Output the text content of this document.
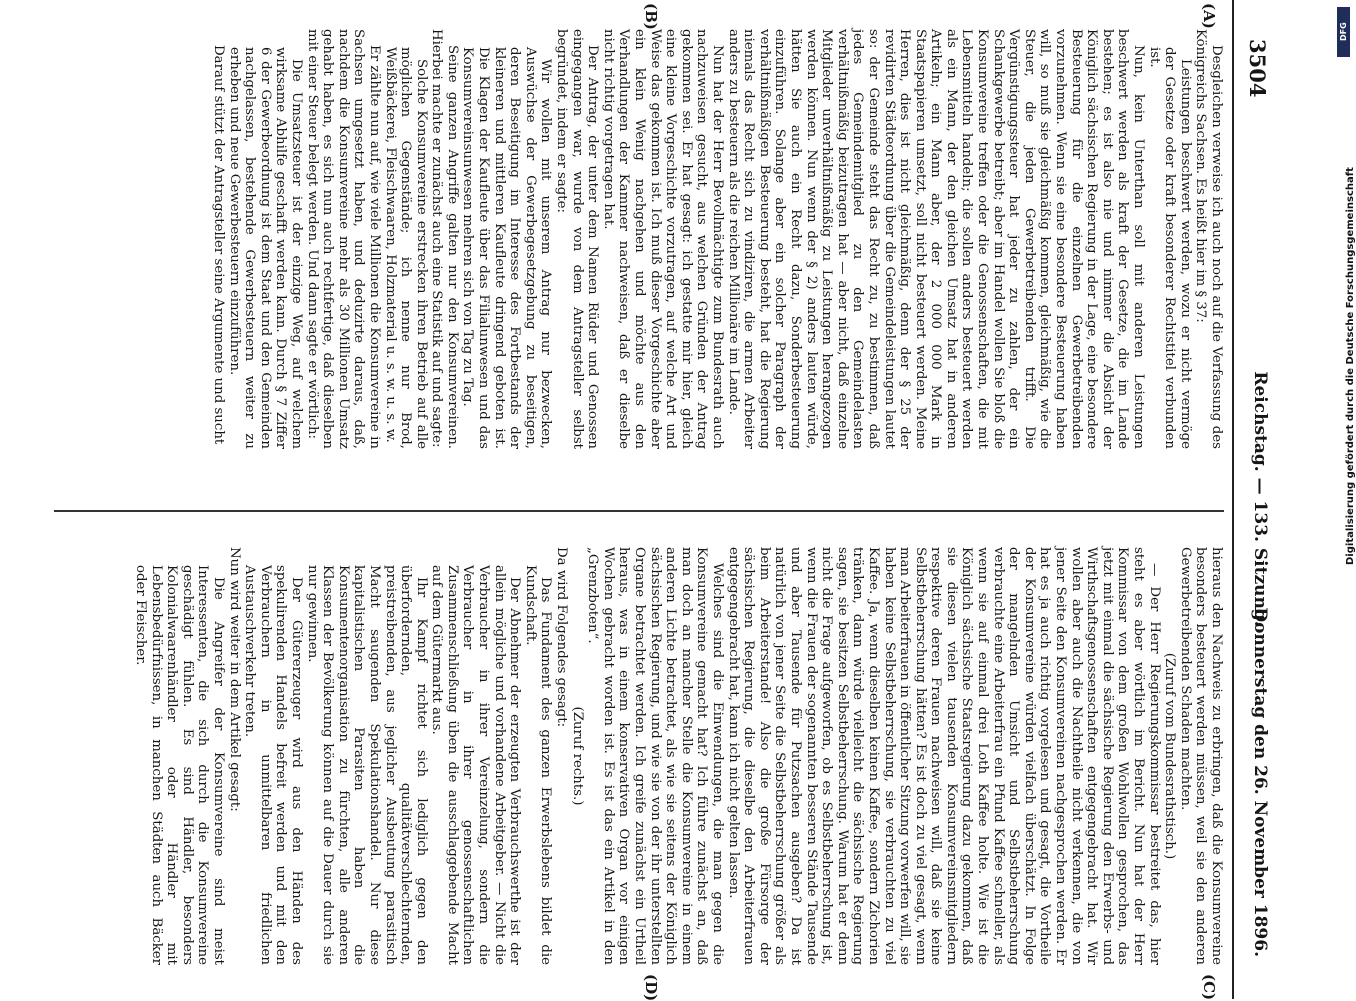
DFG
Digitalisierung gefördert durch die Deutsche Forschungsgemeinschaft
3504
Reichstag. — 133. Sitzung.
Donnerstag den 26. November 1896.
(A)
(B)
(C)
(D)

Desgleichen verweise ich auch noch auf die Verfassung des Königreichs Sachsen. Es heißt hier im § 37:

Leistungen beschwert werden, wozu er nicht vermöge der Gesetze oder kraft besonderer Rechtstitel verbunden ist.

Nun, kein Unterthan soll mit anderen Leistungen beschwert werden als kraft der Gesetze, die im Lande bestehen; es ist also nie und nimmer die Absicht der Königlich sächsischen Regierung in der Lage, eine besondere Besteuerung für die einzelnen Gewerbetreibenden vorzunehmen. Wenn sie eine besondere Besteuerung haben will, so muß sie gleichmäßig kommen, gleichmäßig, wie die Steuer, die jeden Gewerbetreibenden trifft. Die Vergünstigungssteuer hat jeder zu zahlen, der ein Schankgewerbe betreibt; aber im Handel wollen Sie bloß die Konsumvereine treffen oder die Genossenschaften, die mit Lebensmitteln handeln; die sollen anders besteuert werden als ein Mann, der den gleichen Umsatz hat in anderen Artikeln; ein Mann aber, der 2 000 000 Mark in Staatspapieren umsetzt, soll nicht besteuert werden. Meine Herren, dies ist nicht gleichmäßig, denn der § 25 der revidirten Städteordnung über die Gemeindeleistungen lautet so: der Gemeinde steht das Recht zu, zu bestimmen, daß jedes Gemeindemitglied zu den Gemeindelasten verhältnißmäßig beizutragen hat — aber nicht, daß einzelne Mitglieder unverhältnißmäßig zu Leistungen herangezogen werden können. Nun wenn der § 2) anders lauten würde, hätten Sie auch ein Recht dazu, Sonderbesteuerung einzuführen. Solange aber ein solcher Paragraph der verhältnißmäßigen Besteuerung besteht, hat die Regierung niemals das Recht sich zu vindiziren, die armen Arbeiter anders zu besteuern als die reichen Millionäre im Lande.

Nun hat der Herr Bevollmächtigte zum Bundesrath auch nachzuweisen gesucht, aus welchen Gründen der Antrag gekommen sei. Er hat gesagt: ich gestatte mir hier, gleich eine kleine Vorgeschichte vorzutragen, auf welche Art und Weise das gekommen ist. Ich muß dieser Vorgeschichte aber ein klein Wenig nachgehen und möchte aus den Verhandlungen der Kammer nachweisen, daß er dieselbe nicht richtig vorgetragen hat.

Der Antrag, der unter dem Namen Rüder und Genossen eingegangen war, wurde von dem Antragsteller selbst begründet, indem er sagte:

Wir wollen mit unserem Antrag nur bezwecken, Auswüchse der Gewerbegesetzgebung zu beseitigen, deren Beseitigung im Interesse des Fortbestands der kleineren und mittleren Kaufleute dringend geboten ist. Die Klagen der Kaufleute über das Filialunwesen und das Konsumvereinsunwesen mehren sich von Tag zu Tag.

Seine ganzen Angriffe galten nur den Konsumvereinen. Hierbei machte er zunächst auch eine Statistik auf und sagte:

Solche Konsumvereine erstrecken ihren Betrieb auf alle möglichen Gegenstände; ich nenne nur Brod, Weißbäckerei, Fleischwaaren, Holzmaterial u. s. w. u. s. w.

Er zählte nun auf, wie viele Millionen die Konsumvereine in Sachsen umgesetzt haben, und deduzirte daraus, daß, nachdem die Konsumvereine mehr als 30 Millionen Umsatz gehabt haben, es sich nun auch rechtfertige, daß dieselben mit einer Steuer belegt werden. Und dann sagte er wörtlich:

Die Umsatzsteuer ist der einzige Weg, auf welchem wirksame Abhilfe geschafft werden kann. Durch § 7 Ziffer 6 der Gewerbeordnung ist dem Staat und den Gemeinden nachgelassen, bestehende Gewerbesteuern weiter zu erheben und neue Gewerbesteuern einzuführen.

Darauf stützt der Antragsteller seine Argumente und sucht

hieraus den Nachweis zu erbringen, daß die Konsumvereine besonders besteuert werden müssen, weil sie den anderen Gewerbetreibenden Schaden machten.

(Zuruf vom Bundesrathstisch.)

— Der Herr Regierungskommissar bestreitet das, hier steht es aber wörtlich im Bericht. Nun hat der Herr Kommissar von dem großen Wohlwollen gesprochen, das jetzt mit einmal die sächsische Regierung den Erwerbs- und Wirthschaftsgenossenschaften entgegengebracht hat. Wir wollen aber auch die Nachtheile nicht verkennen, die von jener Seite den Konsumvereinen nachgesprochen werden. Er hat es ja auch richtig vorgelesen und gesagt, die Vortheile der Konsumvereine würden vielfach überschätzt. In Folge der mangelnden Umsicht und Selbstbeherrschung verbrauchte eine Arbeiterfrau ein Pfund Kaffee schneller, als wenn sie auf einmal drei Loth Kaffee holte. Wie ist die Königlich sächsische Staatsregierung dazu gekommen, daß sie diesen vielen tausenden Konsumvereinsmitgliedern respektive deren Frauen nachweisen will, daß sie keine Selbstbeherrschung hätten? Es ist doch zu viel gesagt, wenn man Arbeiterfrauen in öffentlicher Sitzung vorwerfen will, sie haben keine Selbstbeherrschung, sie verbrauchten zu viel Kaffee. Ja, wenn dieselben keinen Kaffee, sondern Zichorien tränken, dann würde vielleicht die sächsische Regierung sagen, sie besitzen Selbstbeherrschung. Warum hat er denn nicht die Frage aufgeworfen, ob es Selbstbeherrschung ist, wenn die Frauen der sogenannten besseren Stände Tausende und aber Tausende für Putzsachen ausgeben? Da ist natürlich von jener Seite die Selbstbeherrschung größer als beim Arbeiterstande! Also die große Fürsorge der sächsischen Regierung, die dieselbe den Arbeiterfrauen entgegengebracht hat, kann ich nicht gelten lassen.

Welches sind die Einwendungen, die man gegen die Konsumvereine gemacht hat? Ich führe zunächst an, daß man doch an mancher Stelle die Konsumvereine in einem anderen Lichte betrachtet, als wie sie seitens der Königlich sächsischen Regierung, und wie sie von der ihr unterstellten Organe betrachtet werden. Ich greife zunächst ein Urtheil heraus, was in einem konservativen Organ vor einigen Wochen gebracht worden ist. Es ist das ein Artikel in den „Grenzboten“.

(Zuruf rechts.)

Da wird Folgendes gesagt:

Das Fundament des ganzen Erwerbslebens bildet die Kundschaft.

Der Abnehmer der erzeugten Verbrauchswerthe ist der allein mögliche und vorhandene Arbeitgeber. — Nicht die Verbraucher in ihrer Vereinzelung, sondern die Verbraucher in ihrer genossenschaftlichen Zusammenschließung üben die ausschlaggebende Macht auf dem Gütermarkt aus.

Ihr Kampf richtet sich lediglich gegen den überfordernden, qualitätverschlechternden, preistreibenden, aus jeglicher Ausbeutung parasitisch Macht saugenden Spekulationshandel. Nur diese kapitalistischen Parasiten haben die Konsumentenorganisation zu fürchten, alle anderen Klassen der Bevölkerung können auf die Dauer durch sie nur gewinnen.

Der Gütererzeuger wird aus den Händen des spekulirenden Handels befreit werden und mit den Verbrauchern in unmittelbaren friedlichen Austauschverkehr treten.

Nun wird weiter in dem Artikel gesagt:

Die Angreifer der Konsumvereine sind meist Interessenten, die sich durch die Konsumvereine geschädigt fühlen. Es sind Händler, besonders Kolonialwaarenhändler oder Händler mit Lebensbedürfnissen, in manchen Städten auch Bäcker oder Fleischer.
